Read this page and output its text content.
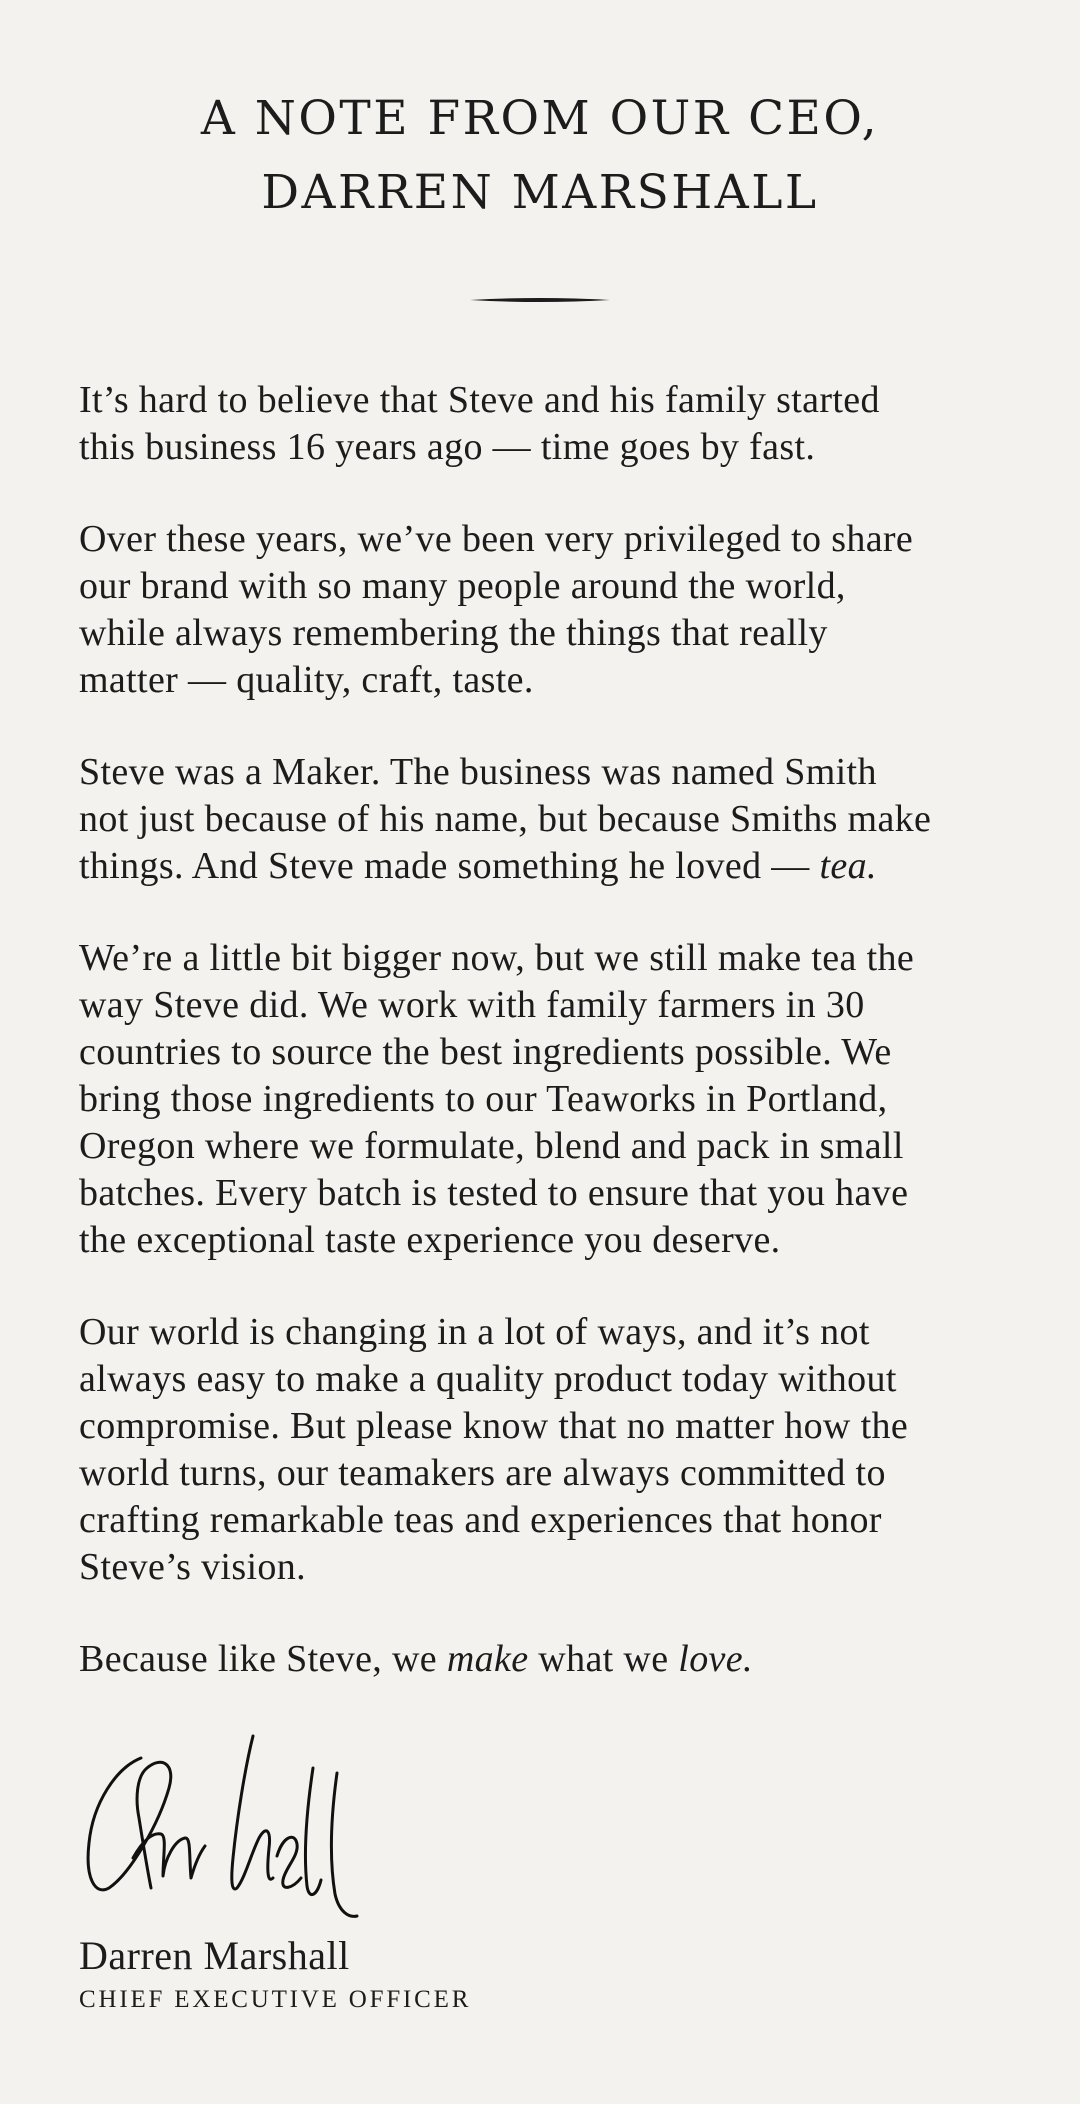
A NOTE FROM OUR CEO,
DARREN MARSHALL

It’s hard to believe that Steve and his family started
this business 16 years ago — time goes by fast.

Over these years, we’ve been very privileged to share
our brand with so many people around the world,
while always remembering the things that really
matter — quality, craft, taste.

Steve was a Maker. The business was named Smith
not just because of his name, but because Smiths make
things. And Steve made something he loved — tea.

We’re a little bit bigger now, but we still make tea the
way Steve did. We work with family farmers in 30
countries to source the best ingredients possible. We
bring those ingredients to our Teaworks in Portland,
Oregon where we formulate, blend and pack in small
batches. Every batch is tested to ensure that you have
the exceptional taste experience you deserve.

Our world is changing in a lot of ways, and it’s not
always easy to make a quality product today without
compromise. But please know that no matter how the
world turns, our teamakers are always committed to
crafting remarkable teas and experiences that honor
Steve’s vision.

Because like Steve, we make what we love.

Darren Marshall
CHIEF EXECUTIVE OFFICER
